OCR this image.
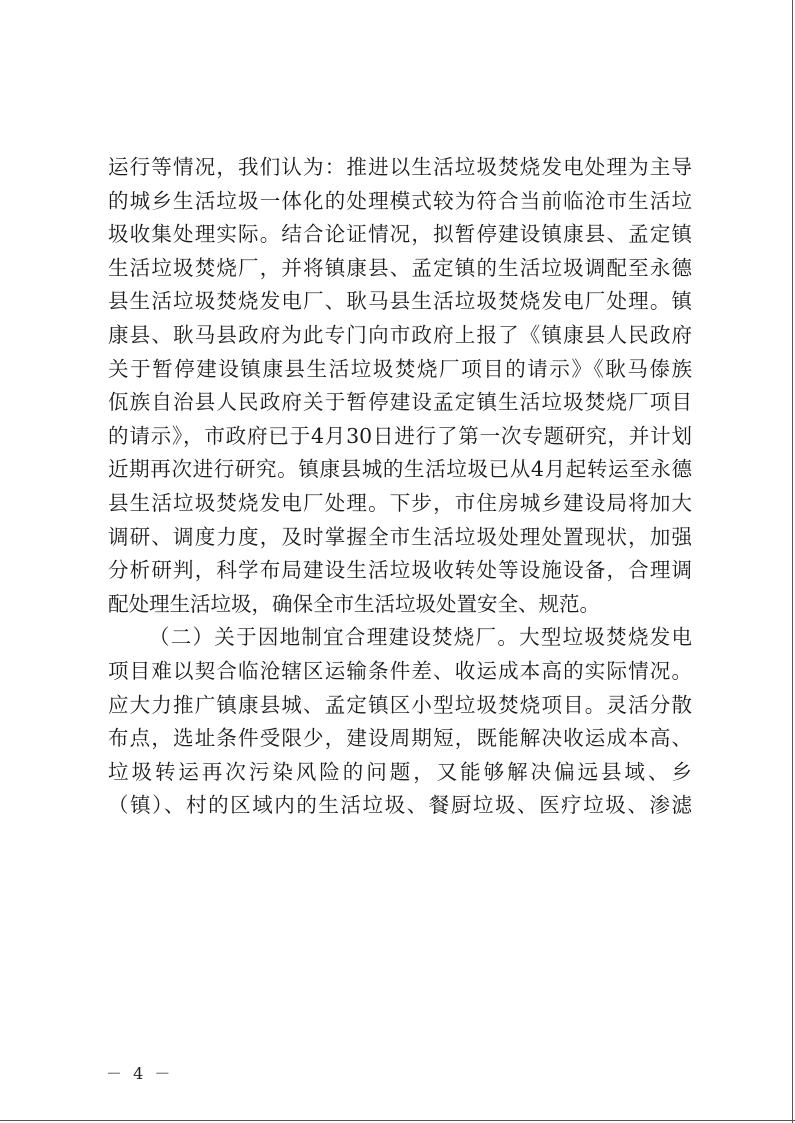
运行等情况，我们认为：推进以生活垃圾焚烧发电处理为主导
的城乡生活垃圾一体化的处理模式较为符合当前临沧市生活垃
圾收集处理实际。结合论证情况，拟暂停建设镇康县、孟定镇
生活垃圾焚烧厂，并将镇康县、孟定镇的生活垃圾调配至永德
县生活垃圾焚烧发电厂、耿马县生活垃圾焚烧发电厂处理。镇
康县、耿马县政府为此专门向市政府上报了《镇康县人民政府
关于暂停建设镇康县生活垃圾焚烧厂项目的请示》《耿马傣族
佤族自治县人民政府关于暂停建设孟定镇生活垃圾焚烧厂项目
的请示》，市政府已于4月30日进行了第一次专题研究，并计划
近期再次进行研究。镇康县城的生活垃圾已从4月起转运至永德
县生活垃圾焚烧发电厂处理。下步，市住房城乡建设局将加大
调研、调度力度，及时掌握全市生活垃圾处理处置现状，加强
分析研判，科学布局建设生活垃圾收转处等设施设备，合理调
配处理生活垃圾，确保全市生活垃圾处置安全、规范。
（二）关于因地制宜合理建设焚烧厂。大型垃圾焚烧发电
项目难以契合临沧辖区运输条件差、收运成本高的实际情况。
应大力推广镇康县城、孟定镇区小型垃圾焚烧项目。灵活分散
布点，选址条件受限少，建设周期短，既能解决收运成本高、
垃圾转运再次污染风险的问题，又能够解决偏远县域、乡
（镇）、村的区域内的生活垃圾、餐厨垃圾、医疗垃圾、渗滤
－ 4 －
